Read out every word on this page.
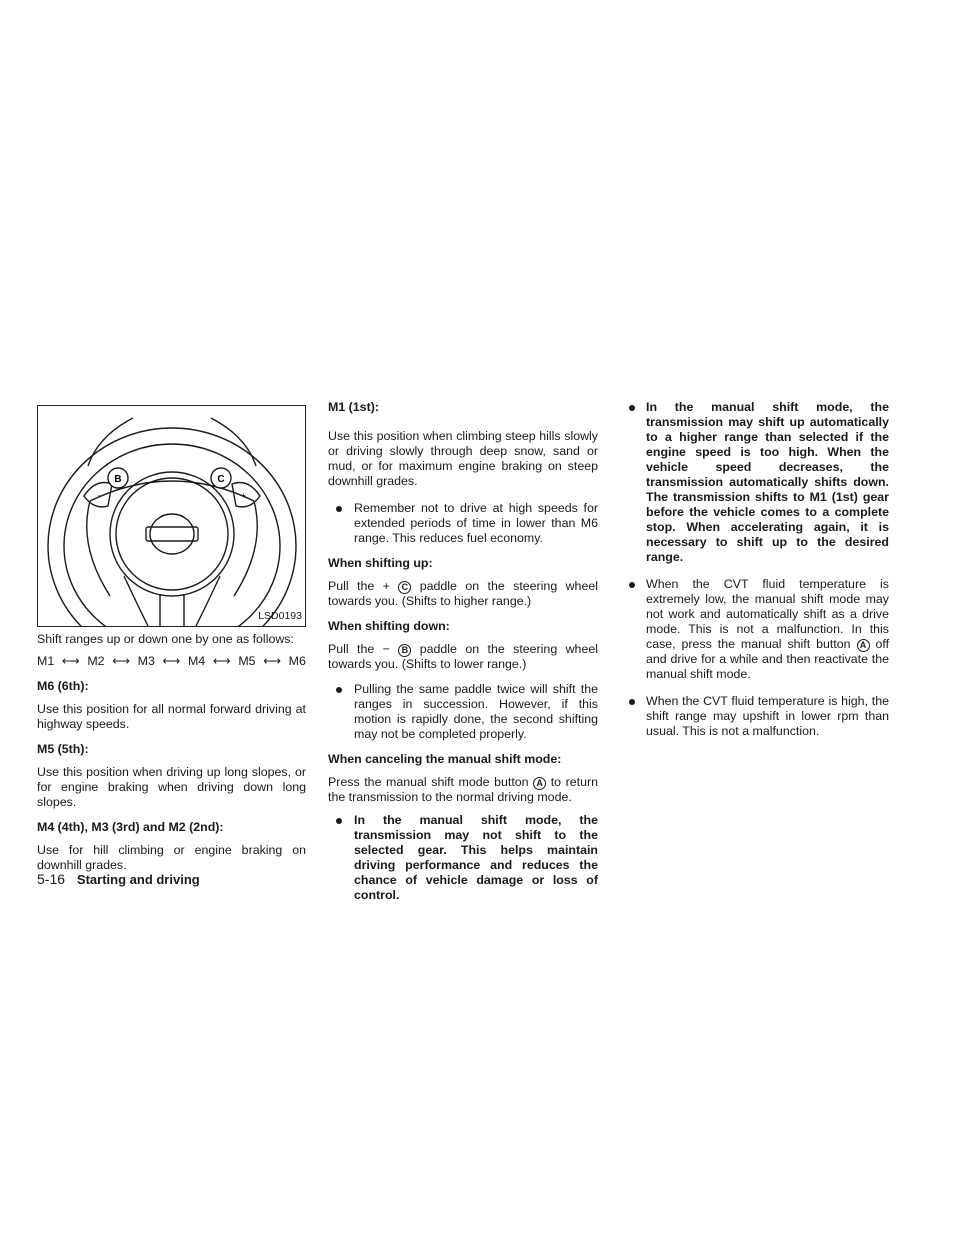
-	+
B	C
LSD0193

Shift ranges up or down one by one as follows:

M1 ⟷ M2 ⟷ M3 ⟷ M4 ⟷ M5 ⟷ M6

M6 (6th):

Use this position for all normal forward driving at highway speeds.

M5 (5th):

Use this position when driving up long slopes, or for engine braking when driving down long slopes.

M4 (4th), M3 (3rd) and M2 (2nd):

Use for hill climbing or engine braking on downhill grades.

M1 (1st):

Use this position when climbing steep hills slowly or driving slowly through deep snow, sand or mud, or for maximum engine braking on steep downhill grades.

Remember not to drive at high speeds for extended periods of time in lower than M6 range. This reduces fuel economy.

When shifting up:

Pull the + C paddle on the steering wheel towards you. (Shifts to higher range.)

When shifting down:

Pull the − B paddle on the steering wheel towards you. (Shifts to lower range.)

Pulling the same paddle twice will shift the ranges in succession. However, if this motion is rapidly done, the second shifting may not be completed properly.

When canceling the manual shift mode:

Press the manual shift mode button A to return the transmission to the normal driving mode.

In the manual shift mode, the transmission may not shift to the selected gear. This helps maintain driving performance and reduces the chance of vehicle damage or loss of control.

In the manual shift mode, the transmission may shift up automatically to a higher range than selected if the engine speed is too high. When the vehicle speed decreases, the transmission automatically shifts down. The transmission shifts to M1 (1st) gear before the vehicle comes to a complete stop. When accelerating again, it is necessary to shift up to the desired range.

When the CVT fluid temperature is extremely low, the manual shift mode may not work and automatically shift as a drive mode. This is not a malfunction. In this case, press the manual shift button A off and drive for a while and then reactivate the manual shift mode.

When the CVT fluid temperature is high, the shift range may upshift in lower rpm than usual. This is not a malfunction.

5-16 Starting and driving
